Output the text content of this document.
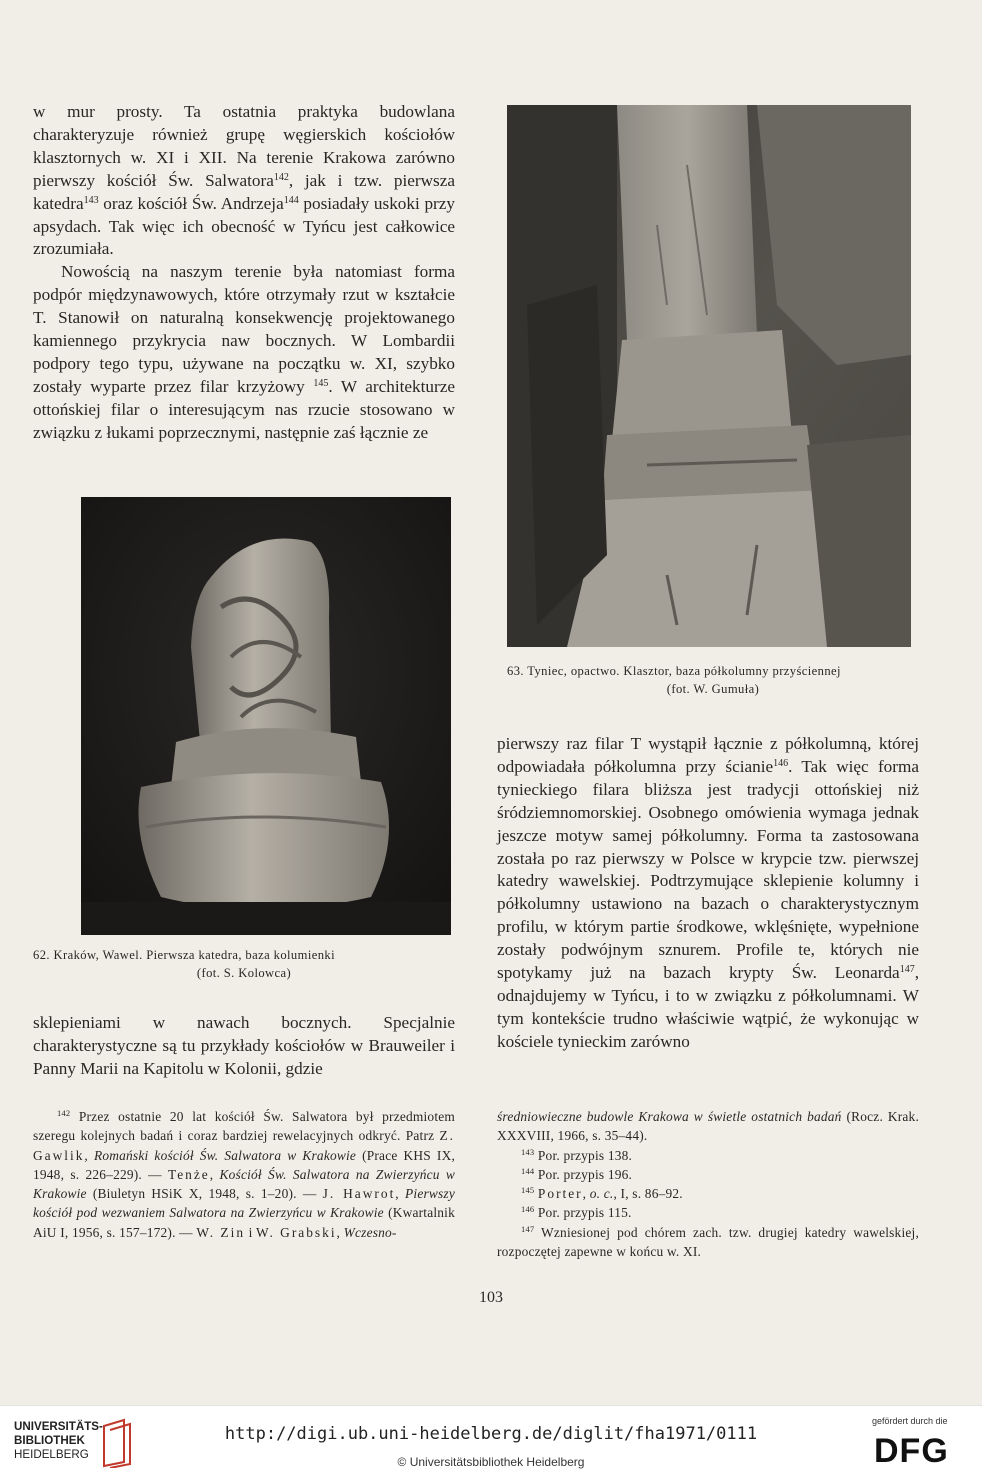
w mur prosty. Ta ostatnia praktyka budowlana charakteryzuje również grupę węgierskich kościołów klasztornych w. XI i XII. Na terenie Krakowa zarówno pierwszy kościół Św. Salwatora$^{142}$, jak i tzw. pierwsza katedra$^{143}$ oraz kościół Św. Andrzeja$^{144}$ posiadały uskoki przy apsydach. Tak więc ich obecność w Tyńcu jest całkowice zrozumiała.

Nowością na naszym terenie była natomiast forma podpór międzynawowych, które otrzymały rzut w kształcie T. Stanowił on naturalną konsekwencję projektowanego kamiennego przykrycia naw bocznych. W Lombardii podpory tego typu, używane na początku w. XI, szybko zostały wyparte przez filar krzyżowy $^{145}$. W architekturze ottońskiej filar o interesującym nas rzucie stosowano w związku z łukami poprzecznymi, następnie zaś łącznie ze

63. Tyniec, opactwo. Klasztor, baza półkolumny przyściennej
(fot. W. Gumuła)
62. Kraków, Wawel. Pierwsza katedra, baza kolumienki
(fot. S. Kolowca)

sklepieniami w nawach bocznych. Specjalnie charakterystyczne są tu przykłady kościołów w Brauweiler i Panny Marii na Kapitolu w Kolonii, gdzie

pierwszy raz filar T wystąpił łącznie z półkolumną, której odpowiadała półkolumna przy ścianie$^{146}$. Tak więc forma tynieckiego filara bliższa jest tradycji ottońskiej niż śródziemnomorskiej. Osobnego omówienia wymaga jednak jeszcze motyw samej półkolumny. Forma ta zastosowana została po raz pierwszy w Polsce w krypcie tzw. pierwszej katedry wawelskiej. Podtrzymujące sklepienie kolumny i półkolumny ustawiono na bazach o charakterystycznym profilu, w którym partie środkowe, wklęśnięte, wypełnione zostały podwójnym sznurem. Profile te, których nie spotykamy już na bazach krypty Św. Leonarda$^{147}$, odnajdujemy w Tyńcu, i to w związku z półkolumnami. W tym kontekście trudno właściwie wątpić, że wykonując w kościele tynieckim zarówno

$^{142}$ Przez ostatnie 20 lat kościół Św. Salwatora był przedmiotem szeregu kolejnych badań i coraz bardziej rewelacyjnych odkryć. Patrz Z. Gawlik, Romański kościół Św. Salwatora w Krakowie (Prace KHS IX, 1948, s. 226–229). — Tenże, Kościół Św. Salwatora na Zwierzyńcu w Krakowie (Biuletyn HSiK X, 1948, s. 1–20). — J. Hawrot, Pierwszy kościół pod wezwaniem Salwatora na Zwierzyńcu w Krakowie (Kwartalnik AiU I, 1956, s. 157–172). — W. Zin i W. Grabski, Wczesno-

średniowieczne budowle Krakowa w świetle ostatnich badań (Rocz. Krak. XXXVIII, 1966, s. 35–44).

$^{143}$ Por. przypis 138.

$^{144}$ Por. przypis 196.

$^{145}$ Porter, o. c., I, s. 86–92.

$^{146}$ Por. przypis 115.

$^{147}$ Wzniesionej pod chórem zach. tzw. drugiej katedry wawelskiej, rozpoczętej zapewne w końcu w. XI.

103
UNIVERSITÄTS-
BIBLIOTHEK
HEIDELBERG
http://digi.ub.uni-heidelberg.de/diglit/fha1971/0111
© Universitätsbibliothek Heidelberg
gefördert durch die
DFG
